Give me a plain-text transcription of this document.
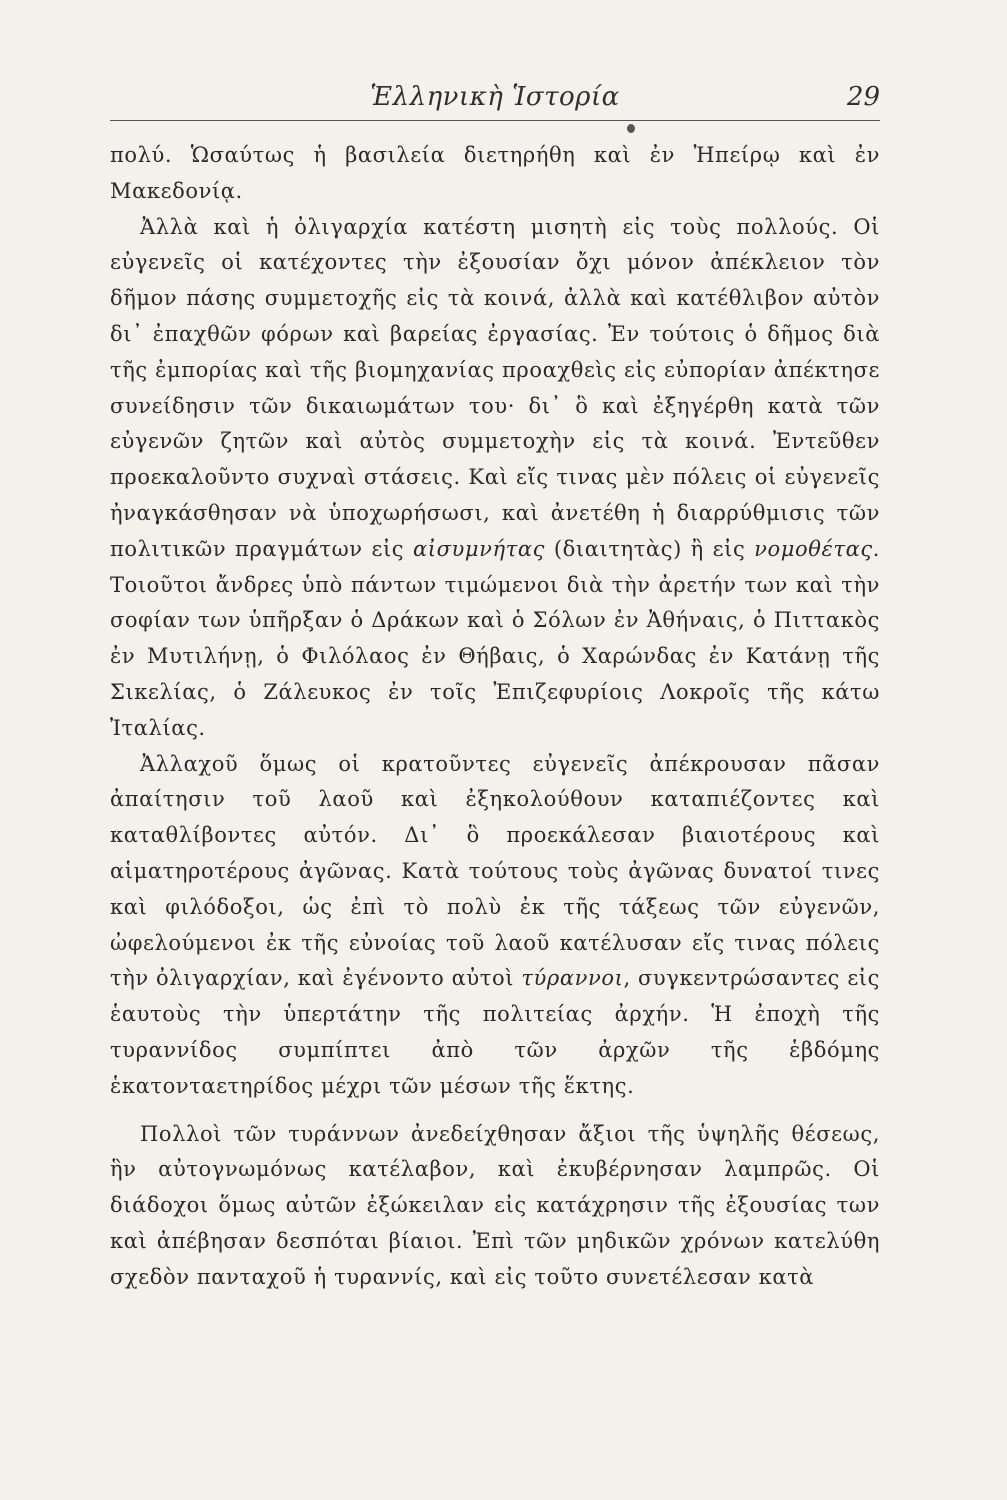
Ἑλληνικὴ Ἱστορία	29

πολύ. Ὡσαύτως ἡ βασιλεία διετηρήθη καὶ ἐν Ἠπείρῳ καὶ ἐν Μακεδονίᾳ.

Ἀλλὰ καὶ ἡ ὀλιγαρχία κατέστη μισητὴ εἰς τοὺς πολλούς. Οἱ εὐγενεῖς οἱ κατέχοντες τὴν ἐξουσίαν ὄχι μόνον ἀπέκλειον τὸν δῆμον πάσης συμμετοχῆς εἰς τὰ κοινά, ἀλλὰ καὶ κατέθλιβον αὐτὸν δι᾽ ἐπαχθῶν φόρων καὶ βαρείας ἐργασίας. Ἐν τούτοις ὁ δῆμος διὰ τῆς ἐμπορίας καὶ τῆς βιομηχανίας προαχθεὶς εἰς εὐπορίαν ἀπέκτησε συνείδησιν τῶν δικαιωμάτων του· δι᾽ ὃ καὶ ἐξηγέρθη κατὰ τῶν εὐγενῶν ζητῶν καὶ αὐτὸς συμμετοχὴν εἰς τὰ κοινά. Ἐντεῦθεν προεκαλοῦντο συχναὶ στάσεις. Καὶ εἴς τινας μὲν πόλεις οἱ εὐγενεῖς ἠναγκάσθησαν νὰ ὑποχωρήσωσι, καὶ ἀνετέθη ἡ διαρρύθμισις τῶν πολιτικῶν πραγμάτων εἰς αἰσυμνήτας (διαιτητὰς) ἢ εἰς νομοθέτας. Τοιοῦτοι ἄνδρες ὑπὸ πάντων τιμώμενοι διὰ τὴν ἀρετήν των καὶ τὴν σοφίαν των ὑπῆρξαν ὁ Δράκων καὶ ὁ Σόλων ἐν Ἀθήναις, ὁ Πιττακὸς ἐν Μυτιλήνῃ, ὁ Φιλόλαος ἐν Θήβαις, ὁ Χαρώνδας ἐν Κατάνῃ τῆς Σικελίας, ὁ Ζάλευκος ἐν τοῖς Ἐπιζεφυρίοις Λοκροῖς τῆς κάτω Ἰταλίας.

Ἀλλαχοῦ ὅμως οἱ κρατοῦντες εὐγενεῖς ἀπέκρουσαν πᾶσαν ἀπαίτησιν τοῦ λαοῦ καὶ ἐξηκολούθουν καταπιέζοντες καὶ καταθλίβοντες αὐτόν. Δι᾽ ὃ προεκάλεσαν βιαιοτέρους καὶ αἱματηροτέρους ἀγῶνας. Κατὰ τούτους τοὺς ἀγῶνας δυνατοί τινες καὶ φιλόδοξοι, ὡς ἐπὶ τὸ πολὺ ἐκ τῆς τάξεως τῶν εὐγενῶν, ὠφελούμενοι ἐκ τῆς εὐνοίας τοῦ λαοῦ κατέλυσαν εἴς τινας πόλεις τὴν ὀλιγαρχίαν, καὶ ἐγένοντο αὐτοὶ τύραννοι, συγκεντρώσαντες εἰς ἑαυτοὺς τὴν ὑπερτάτην τῆς πολιτείας ἀρχήν. Ἡ ἐποχὴ τῆς τυραννίδος συμπίπτει ἀπὸ τῶν ἀρχῶν τῆς ἑβδόμης ἑκατονταετηρίδος μέχρι τῶν μέσων τῆς ἕκτης.

Πολλοὶ τῶν τυράννων ἀνεδείχθησαν ἄξιοι τῆς ὑψηλῆς θέσεως, ἣν αὐτογνωμόνως κατέλαβον, καὶ ἐκυβέρνησαν λαμπρῶς. Οἱ διάδοχοι ὅμως αὐτῶν ἐξώκειλαν εἰς κατάχρησιν τῆς ἐξουσίας των καὶ ἀπέβησαν δεσπόται βίαιοι. Ἐπὶ τῶν μηδικῶν χρόνων κατελύθη σχεδὸν πανταχοῦ ἡ τυραννίς, καὶ εἰς τοῦτο συνετέλεσαν κατὰ
